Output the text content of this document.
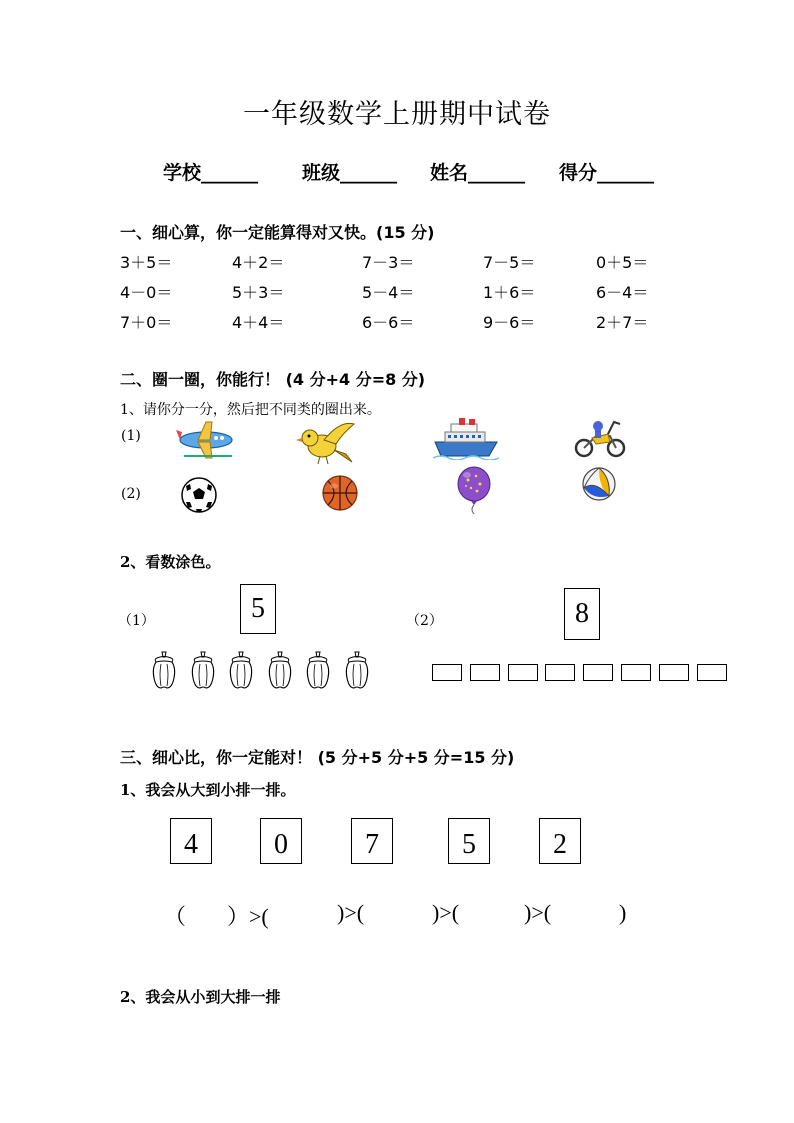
一年级数学上册期中试卷
学校______ 班级______ 姓名______ 得分______
一、细心算，你一定能算得对又快。(15 分)
3＋5＝	4＋2＝	7－3＝	7－5＝	0＋5＝
4－0＝	5＋3＝	5－4＝	1＋6＝	6－4＝
7＋0＝	4＋4＝	6－6＝	9－6＝	2＋7＝
二、圈一圈，你能行！ (4 分+4 分=8 分)
1、请你分一分，然后把不同类的圈出来。
(1)
(2)
2、看数涂色。
（1）	5	（2）	8
三、细心比，你一定能对！ (5 分+5 分+5 分=15 分)
1、我会从大到小排一排。
4	0	7	5	2
（ ）>(	)>(	)>(	)>(	)
2、我会从小到大排一排
